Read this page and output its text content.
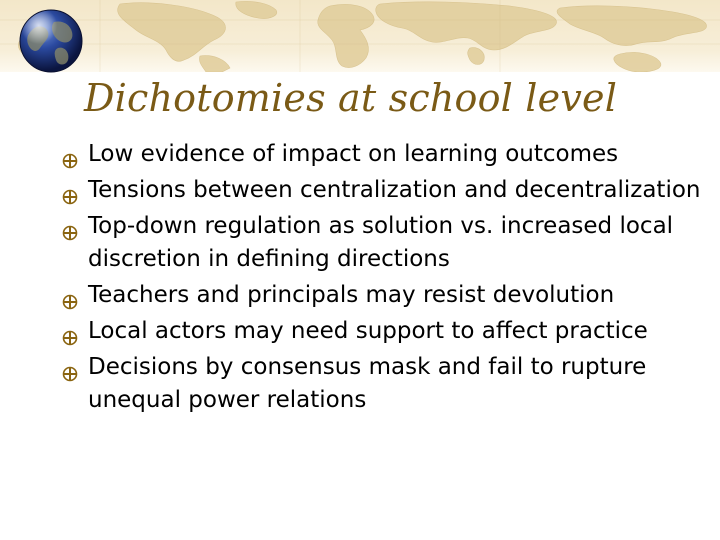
Dichotomies at school level
Low evidence of impact on learning outcomes
Tensions between centralization and decentralization
Top-down regulation as solution vs. increased local discretion in defining directions
Teachers and principals may resist devolution
Local actors may need support to affect practice
Decisions by consensus mask and fail to rupture unequal power relations
